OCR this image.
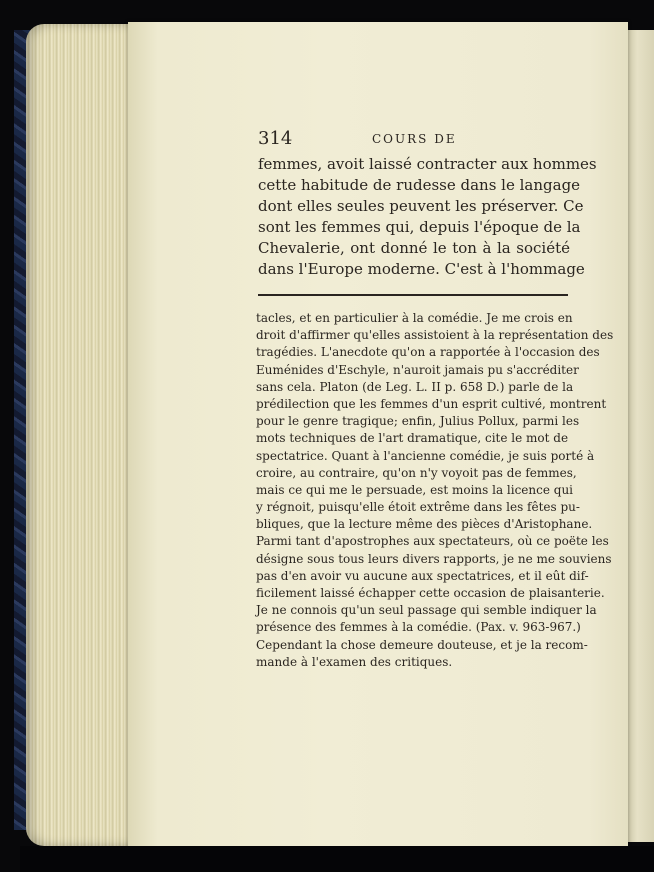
314	COURS DE
femmes, avoit laissé contracter aux hommes
cette habitude de rudesse dans le langage
dont elles seules peuvent les préserver. Ce
sont les femmes qui, depuis l'époque de la
Chevalerie, ont donné le ton à la société
dans l'Europe moderne. C'est à l'hommage
tacles, et en particulier à la comédie. Je me crois en
droit d'affirmer qu'elles assistoient à la représentation des
tragédies. L'anecdote qu'on a rapportée à l'occasion des
Euménides d'Eschyle, n'auroit jamais pu s'accréditer
sans cela. Platon (de Leg. L. II p. 658 D.) parle de la
prédilection que les femmes d'un esprit cultivé, montrent
pour le genre tragique; enfin, Julius Pollux, parmi les
mots techniques de l'art dramatique, cite le mot de
spectatrice. Quant à l'ancienne comédie, je suis porté à
croire, au contraire, qu'on n'y voyoit pas de femmes,
mais ce qui me le persuade, est moins la licence qui
y régnoit, puisqu'elle étoit extrême dans les fêtes pu-
bliques, que la lecture même des pièces d'Aristophane.
Parmi tant d'apostrophes aux spectateurs, où ce poëte les
désigne sous tous leurs divers rapports, je ne me souviens
pas d'en avoir vu aucune aux spectatrices, et il eût dif-
ficilement laissé échapper cette occasion de plaisanterie.
Je ne connois qu'un seul passage qui semble indiquer la
présence des femmes à la comédie. (Pax. v. 963-967.)
Cependant la chose demeure douteuse, et je la recom-
mande à l'examen des critiques.
